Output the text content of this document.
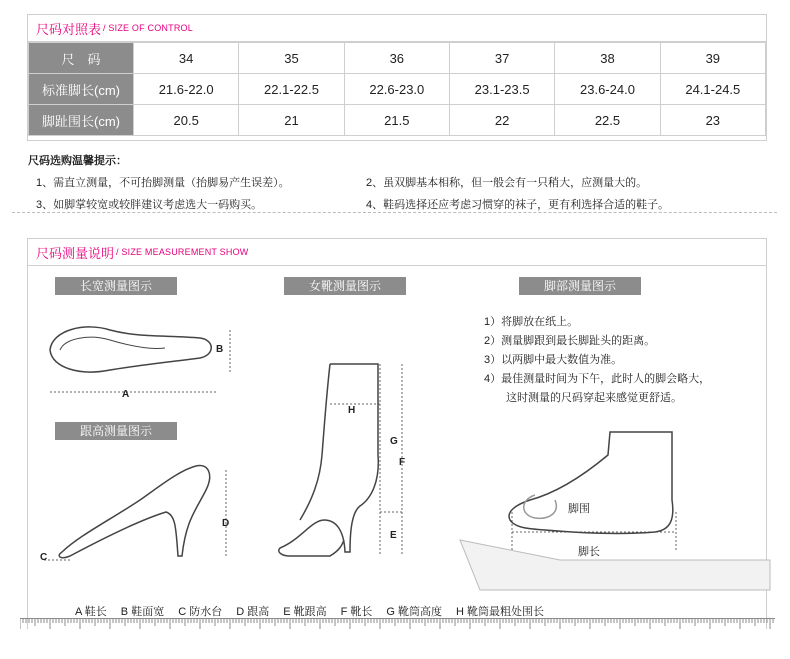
尺码对照表 / SIZE OF CONTROL
尺　码	34	35	36	37	38	39
标准脚长(cm)	21.6-22.0	22.1-22.5	22.6-23.0	23.1-23.5	23.6-24.0	24.1-24.5
脚趾围长(cm)	20.5	21	21.5	22	22.5	23
尺码选购温馨提示：
1、需直立测量，不可抬脚测量（抬脚易产生误差）。	2、虽双脚基本相称，但一般会有一只稍大，应测量大的。
3、如脚掌较宽或较胖建议考虑选大一码购买。	4、鞋码选择还应考虑习惯穿的袜子，更有利选择合适的鞋子。
尺码测量说明 / SIZE MEASUREMENT SHOW
长宽测量图示	女靴测量图示	脚部测量图示
跟高测量图示
A
B
C
D
E
F
G
H
脚围
脚长
1）将脚放在纸上。
2）测量脚跟到最长脚趾头的距离。
3）以两脚中最大数值为准。
4）最佳测量时间为下午，此时人的脚会略大，
　　这时测量的尺码穿起来感觉更舒适。
A 鞋长 B 鞋面宽 C 防水台 D 跟高 E 靴跟高 F 靴长 G 靴筒高度 H 靴筒最粗处围长
